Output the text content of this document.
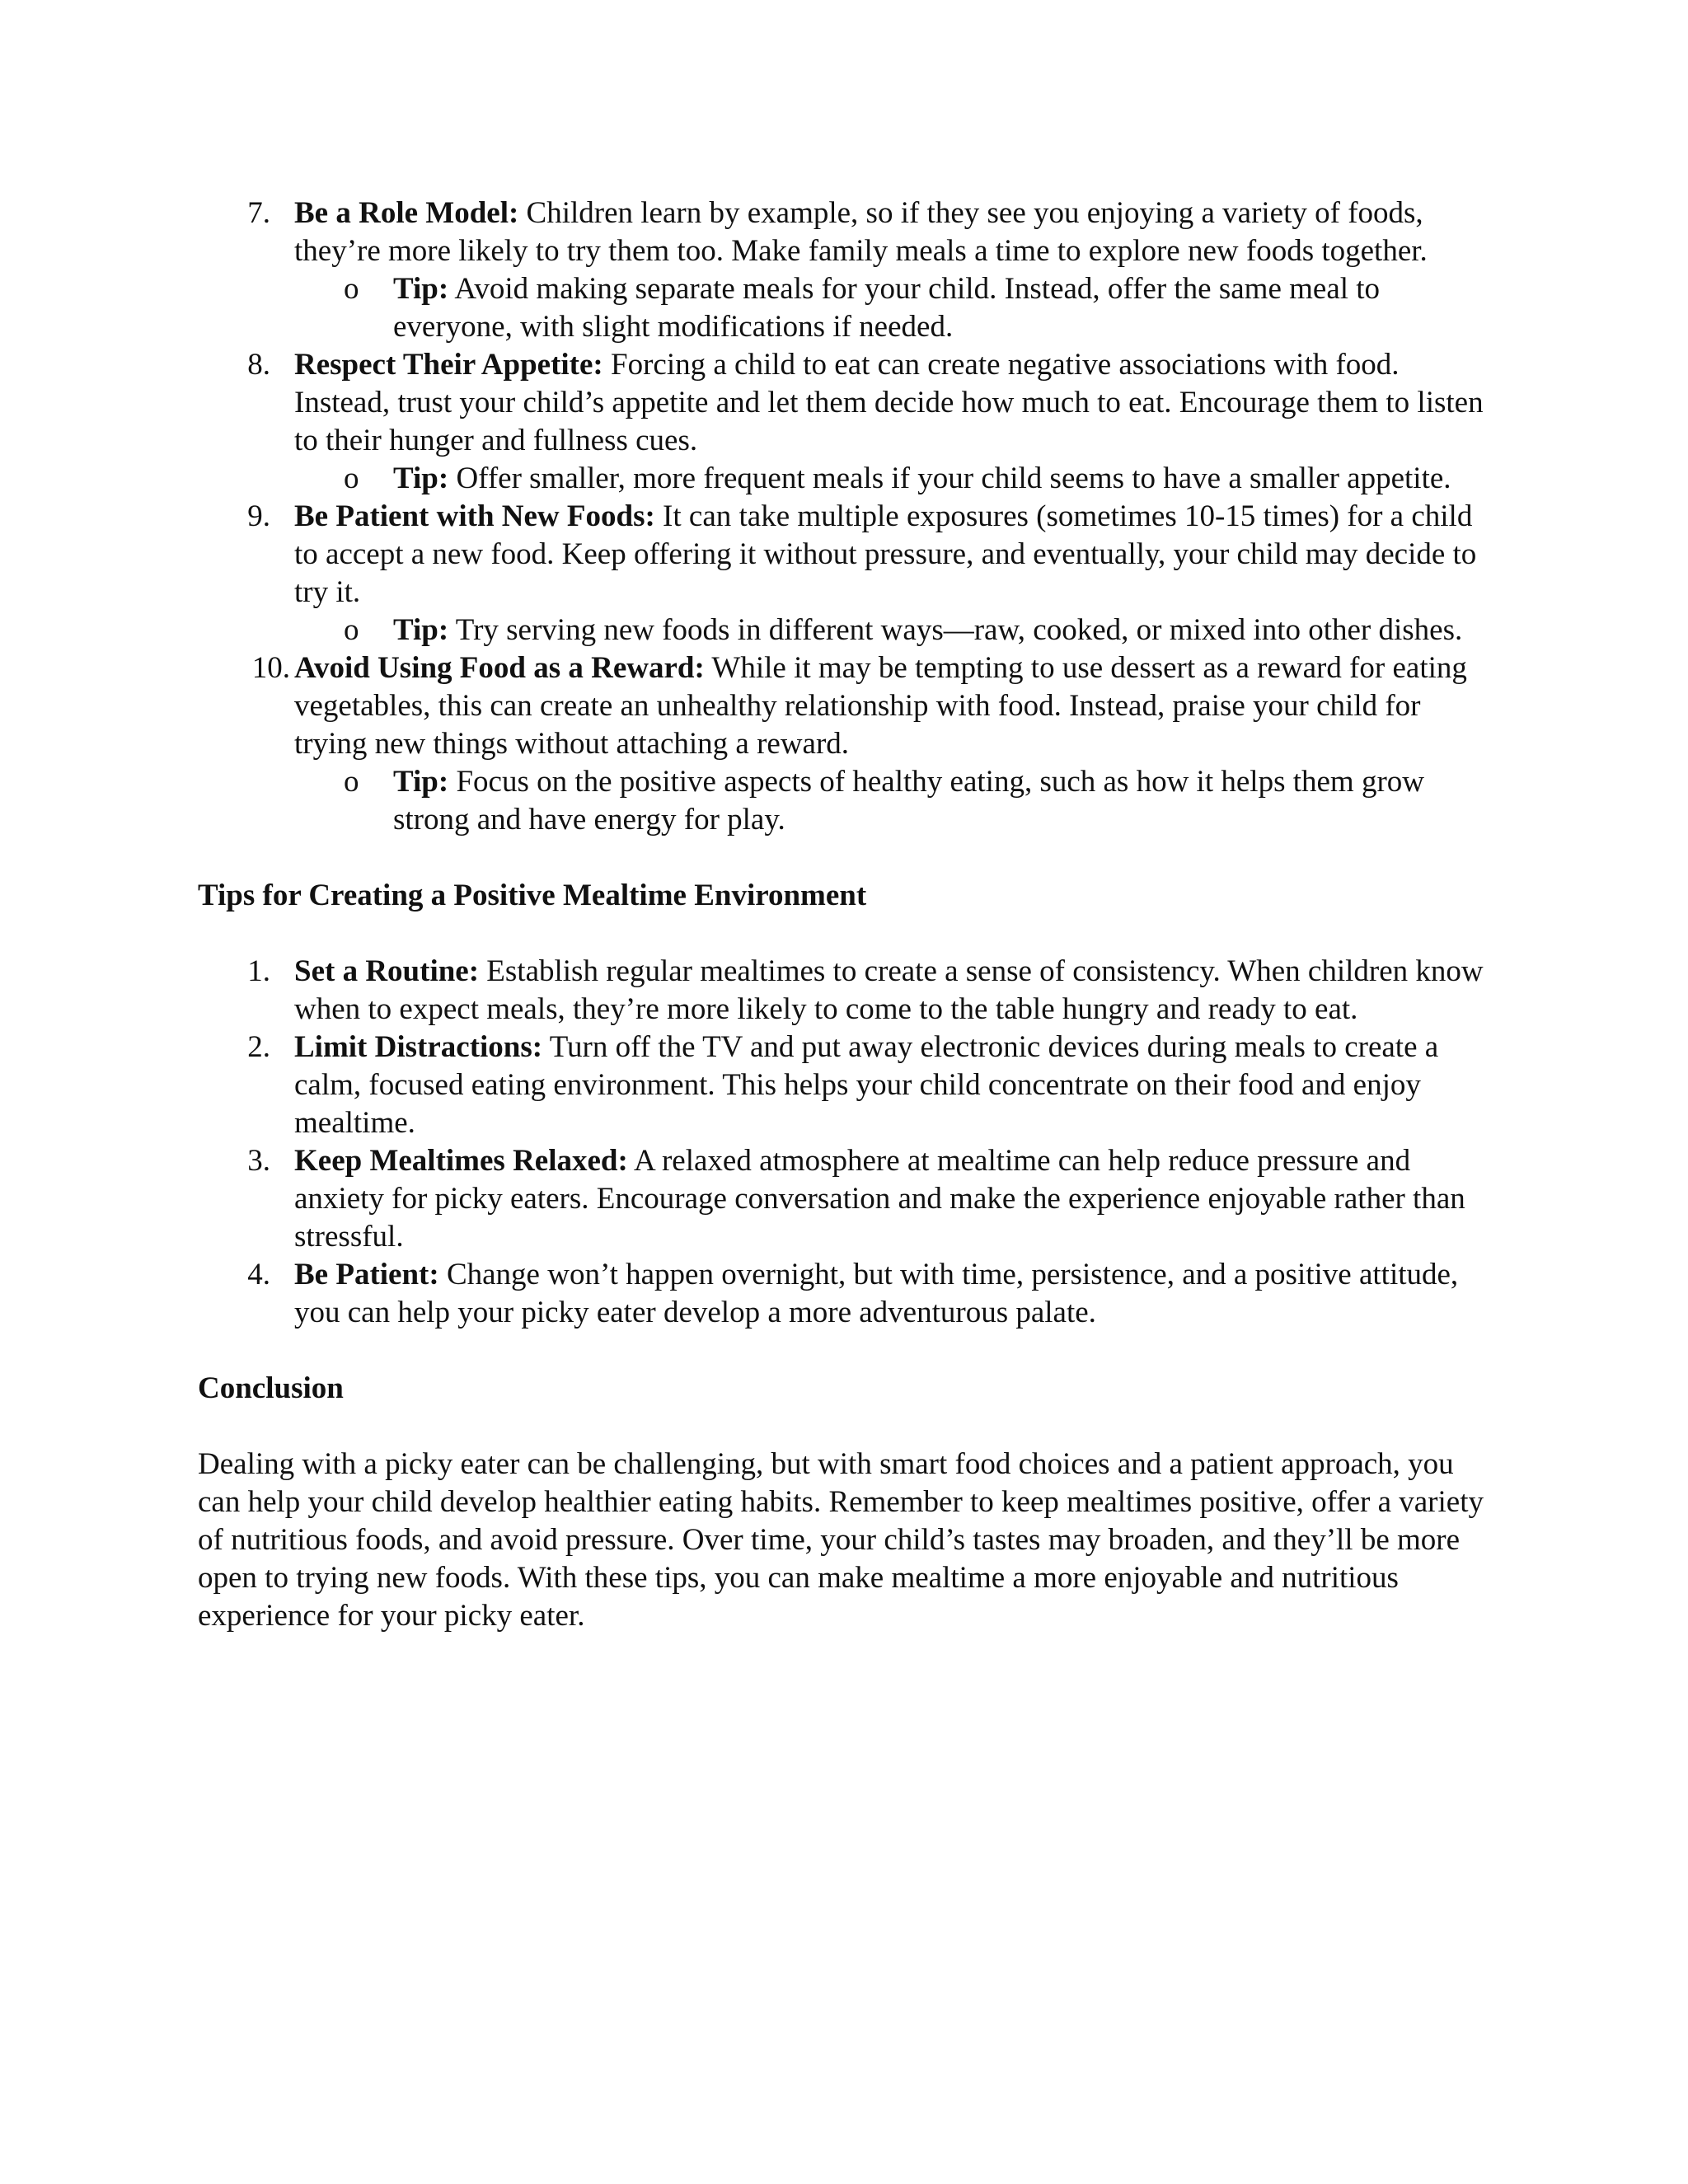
7. Be a Role Model: Children learn by example, so if they see you enjoying a variety of foods, they’re more likely to try them too. Make family meals a time to explore new foods together.
o Tip: Avoid making separate meals for your child. Instead, offer the same meal to everyone, with slight modifications if needed.
8. Respect Their Appetite: Forcing a child to eat can create negative associations with food. Instead, trust your child’s appetite and let them decide how much to eat. Encourage them to listen to their hunger and fullness cues.
o Tip: Offer smaller, more frequent meals if your child seems to have a smaller appetite.
9. Be Patient with New Foods: It can take multiple exposures (sometimes 10-15 times) for a child to accept a new food. Keep offering it without pressure, and eventually, your child may decide to try it.
o Tip: Try serving new foods in different ways—raw, cooked, or mixed into other dishes.
10. Avoid Using Food as a Reward: While it may be tempting to use dessert as a reward for eating vegetables, this can create an unhealthy relationship with food. Instead, praise your child for trying new things without attaching a reward.
o Tip: Focus on the positive aspects of healthy eating, such as how it helps them grow strong and have energy for play.
Tips for Creating a Positive Mealtime Environment
1. Set a Routine: Establish regular mealtimes to create a sense of consistency. When children know when to expect meals, they’re more likely to come to the table hungry and ready to eat.
2. Limit Distractions: Turn off the TV and put away electronic devices during meals to create a calm, focused eating environment. This helps your child concentrate on their food and enjoy mealtime.
3. Keep Mealtimes Relaxed: A relaxed atmosphere at mealtime can help reduce pressure and anxiety for picky eaters. Encourage conversation and make the experience enjoyable rather than stressful.
4. Be Patient: Change won’t happen overnight, but with time, persistence, and a positive attitude, you can help your picky eater develop a more adventurous palate.
Conclusion

Dealing with a picky eater can be challenging, but with smart food choices and a patient approach, you can help your child develop healthier eating habits. Remember to keep mealtimes positive, offer a variety of nutritious foods, and avoid pressure. Over time, your child’s tastes may broaden, and they’ll be more open to trying new foods. With these tips, you can make mealtime a more enjoyable and nutritious experience for your picky eater.
